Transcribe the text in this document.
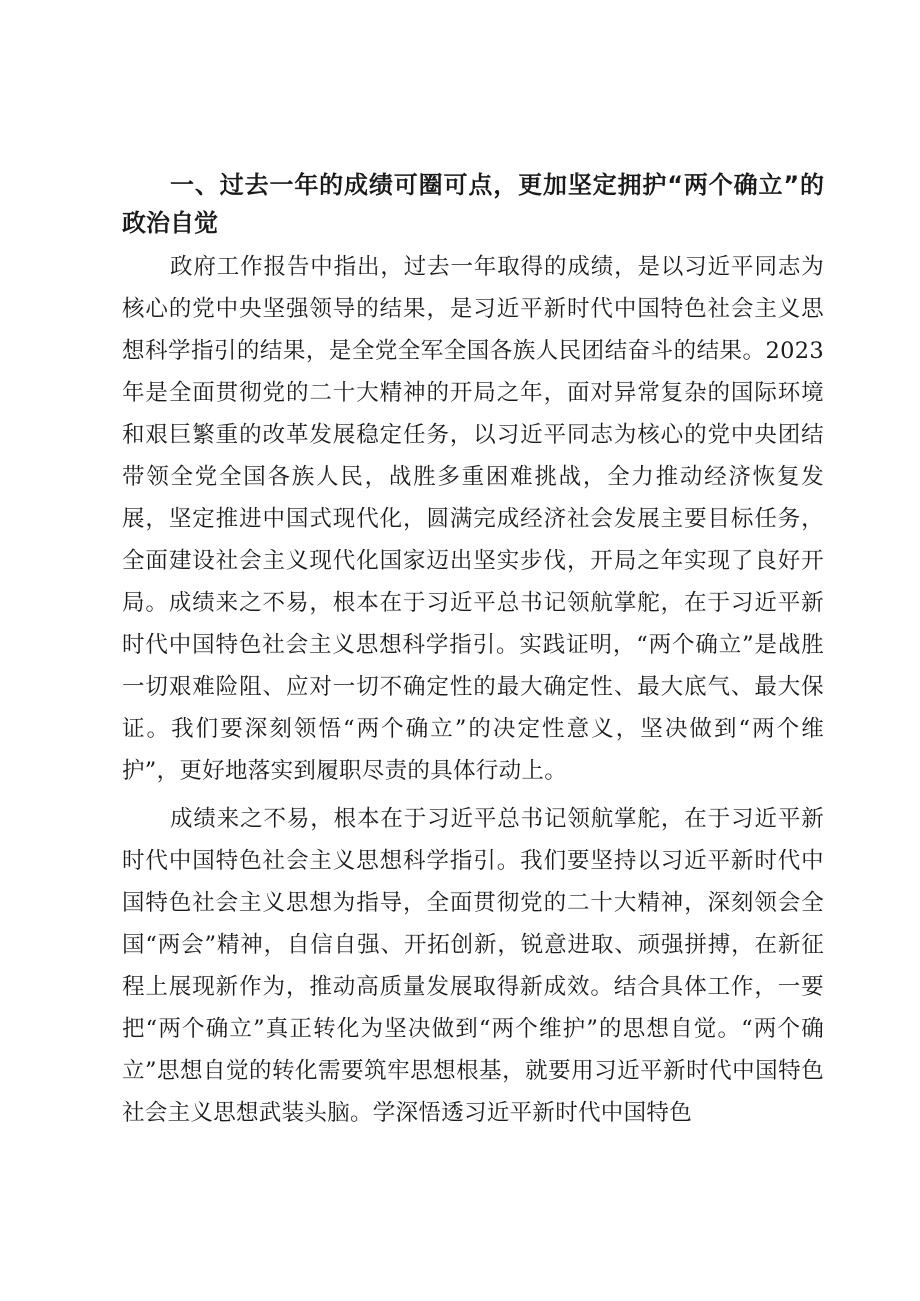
一、过去一年的成绩可圈可点，更加坚定拥护“两个确立”的政治自觉

政府工作报告中指出，过去一年取得的成绩，是以习近平同志为核心的党中央坚强领导的结果，是习近平新时代中国特色社会主义思想科学指引的结果，是全党全军全国各族人民团结奋斗的结果。2023年是全面贯彻党的二十大精神的开局之年，面对异常复杂的国际环境和艰巨繁重的改革发展稳定任务，以习近平同志为核心的党中央团结带领全党全国各族人民，战胜多重困难挑战，全力推动经济恢复发展，坚定推进中国式现代化，圆满完成经济社会发展主要目标任务，全面建设社会主义现代化国家迈出坚实步伐，开局之年实现了良好开局。成绩来之不易，根本在于习近平总书记领航掌舵，在于习近平新时代中国特色社会主义思想科学指引。实践证明，“两个确立”是战胜一切艰难险阻、应对一切不确定性的最大确定性、最大底气、最大保证。我们要深刻领悟“两个确立”的决定性意义，坚决做到“两个维护”，更好地落实到履职尽责的具体行动上。

成绩来之不易，根本在于习近平总书记领航掌舵，在于习近平新时代中国特色社会主义思想科学指引。我们要坚持以习近平新时代中国特色社会主义思想为指导，全面贯彻党的二十大精神，深刻领会全国“两会”精神，自信自强、开拓创新，锐意进取、顽强拼搏，在新征程上展现新作为，推动高质量发展取得新成效。结合具体工作，一要把“两个确立”真正转化为坚决做到“两个维护”的思想自觉。“两个确立”思想自觉的转化需要筑牢思想根基，就要用习近平新时代中国特色社会主义思想武装头脑。学深悟透习近平新时代中国特色
